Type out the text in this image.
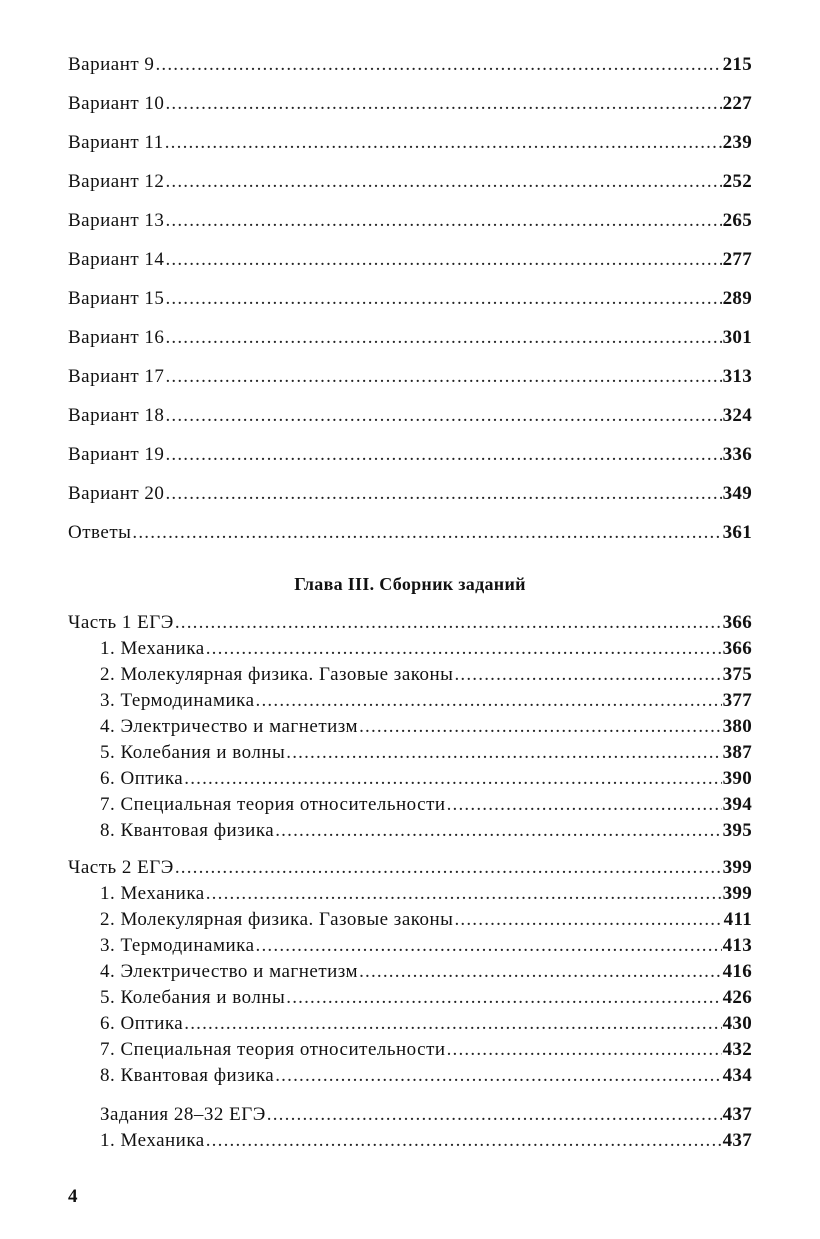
Вариант 9 .....	215
Вариант 10 .....	227
Вариант 11 .....	239
Вариант 12 .....	252
Вариант 13 .....	265
Вариант 14 .....	277
Вариант 15 .....	289
Вариант 16 .....	301
Вариант 17 .....	313
Вариант 18 .....	324
Вариант 19 .....	336
Вариант 20 .....	349
Ответы .....	361
Глава III. Сборник заданий
Часть 1 ЕГЭ .....	366
1. Механика .....	366
2. Молекулярная физика. Газовые законы .....	375
3. Термодинамика .....	377
4. Электричество и магнетизм .....	380
5. Колебания и волны .....	387
6. Оптика .....	390
7. Специальная теория относительности .....	394
8. Квантовая физика .....	395
Часть 2 ЕГЭ .....	399
1. Механика .....	399
2. Молекулярная физика. Газовые законы .....	411
3. Термодинамика .....	413
4. Электричество и магнетизм .....	416
5. Колебания и волны .....	426
6. Оптика .....	430
7. Специальная теория относительности .....	432
8. Квантовая физика .....	434
Задания 28–32 ЕГЭ .....	437
1. Механика .....	437
4
